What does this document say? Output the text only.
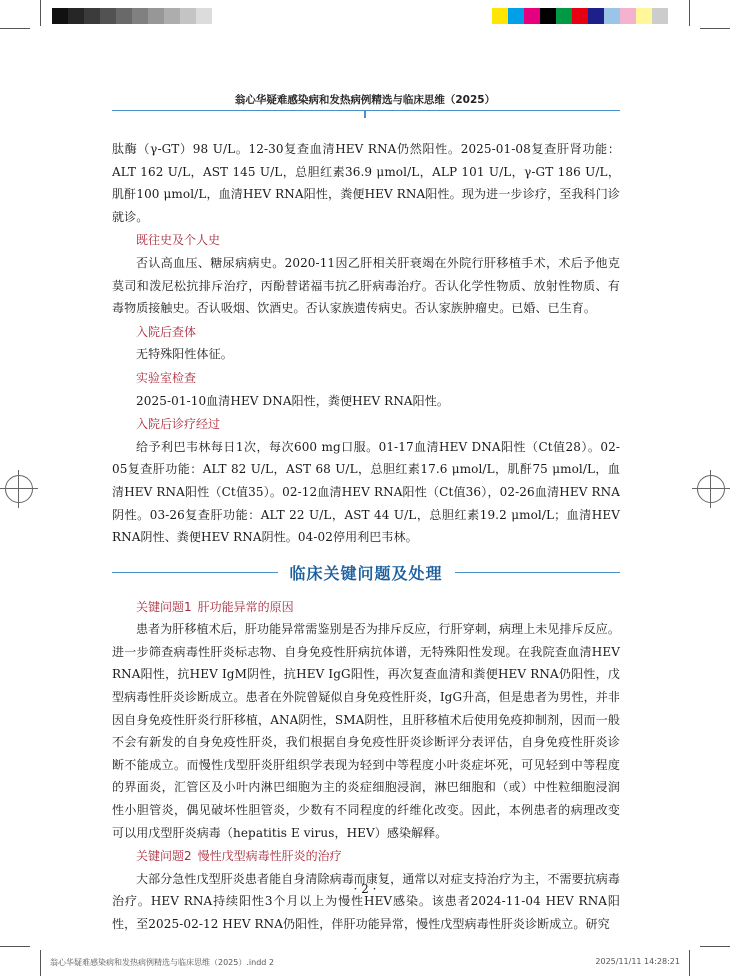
翁心华疑难感染病和发热病例精选与临床思维（2025）

肽酶（γ-GT）98 U/L。12-30复查血清HEV RNA仍然阳性。2025-01-08复查肝肾功能：ALT 162 U/L，AST 145 U/L，总胆红素36.9 μmol/L，ALP 101 U/L，γ-GT 186 U/L，肌酐100 μmol/L，血清HEV RNA阳性，粪便HEV RNA阳性。现为进一步诊疗，至我科门诊就诊。

既往史及个人史

否认高血压、糖尿病病史。2020-11因乙肝相关肝衰竭在外院行肝移植手术，术后予他克莫司和泼尼松抗排斥治疗，丙酚替诺福韦抗乙肝病毒治疗。否认化学性物质、放射性物质、有毒物质接触史。否认吸烟、饮酒史。否认家族遗传病史。否认家族肿瘤史。已婚、已生育。

入院后查体

无特殊阳性体征。

实验室检查

2025-01-10血清HEV DNA阳性，粪便HEV RNA阳性。

入院后诊疗经过

给予利巴韦林每日1次，每次600 mg口服。01-17血清HEV DNA阳性（Ct值28）。02-05复查肝功能：ALT 82 U/L，AST 68 U/L，总胆红素17.6 μmol/L，肌酐75 μmol/L，血清HEV RNA阳性（Ct值35）。02-12血清HEV RNA阳性（Ct值36），02-26血清HEV RNA阴性。03-26复查肝功能：ALT 22 U/L，AST 44 U/L，总胆红素19.2 μmol/L；血清HEV RNA阴性、粪便HEV RNA阴性。04-02停用利巴韦林。

临床关键问题及处理
关键问题1 肝功能异常的原因

患者为肝移植术后，肝功能异常需鉴别是否为排斥反应，行肝穿刺，病理上未见排斥反应。进一步筛查病毒性肝炎标志物、自身免疫性肝病抗体谱，无特殊阳性发现。在我院查血清HEV RNA阳性，抗HEV IgM阴性，抗HEV IgG阳性，再次复查血清和粪便HEV RNA仍阳性，戊型病毒性肝炎诊断成立。患者在外院曾疑似自身免疫性肝炎，IgG升高，但是患者为男性，并非因自身免疫性肝炎行肝移植，ANA阴性，SMA阴性，且肝移植术后使用免疫抑制剂，因而一般不会有新发的自身免疫性肝炎，我们根据自身免疫性肝炎诊断评分表评估，自身免疫性肝炎诊断不能成立。而慢性戊型肝炎肝组织学表现为轻到中等程度小叶炎症坏死，可见轻到中等程度的界面炎，汇管区及小叶内淋巴细胞为主的炎症细胞浸润，淋巴细胞和（或）中性粒细胞浸润性小胆管炎，偶见破坏性胆管炎，少数有不同程度的纤维化改变。因此，本例患者的病理改变可以用戊型肝炎病毒（hepatitis E virus，HEV）感染解释。

关键问题2 慢性戊型病毒性肝炎的治疗

大部分急性戊型肝炎患者能自身清除病毒而康复，通常以对症支持治疗为主，不需要抗病毒治疗。HEV RNA持续阳性3个月以上为慢性HEV感染。该患者2024-11-04 HEV RNA阳性，至2025-02-12 HEV RNA仍阳性，伴肝功能异常，慢性戊型病毒性肝炎诊断成立。研究

· 2 ·
翁心华疑难感染病和发热病例精选与临床思维（2025）.indd 2	2025/11/11 14:28:21
